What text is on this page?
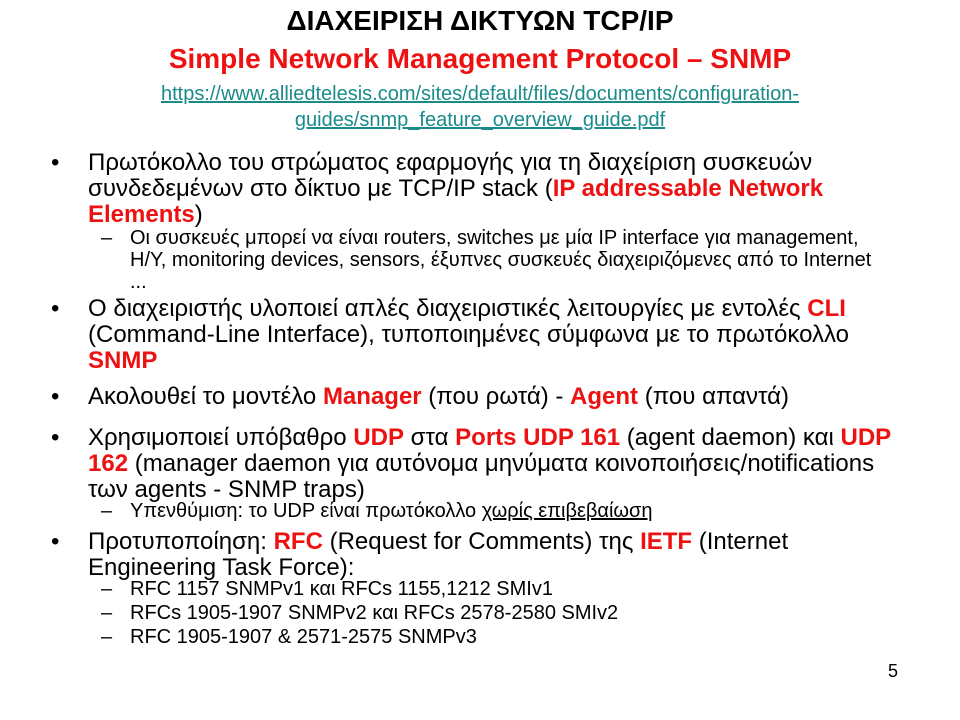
ΔΙΑΧΕΙΡΙΣΗ ΔΙΚΤΥΩΝ TCP/IP
Simple Network Management Protocol – SNMP
https://www.alliedtelesis.com/sites/default/files/documents/configuration-
guides/snmp_feature_overview_guide.pdf
• Πρωτόκολλο του στρώματος εφαρμογής για τη διαχείριση συσκευών συνδεδεμένων στο δίκτυο με TCP/IP stack (IP addressable Network Elements)
– Οι συσκευές μπορεί να είναι routers, switches με μία IP interface για management, H/Y, monitoring devices, sensors, έξυπνες συσκευές διαχειριζόμενες από το Internet ...
• Ο διαχειριστής υλοποιεί απλές διαχειριστικές λειτουργίες με εντολές CLI (Command-Line Interface), τυποποιημένες σύμφωνα με το πρωτόκολλο SNMP
• Ακολουθεί το μοντέλο Manager (που ρωτά) - Agent (που απαντά)
• Χρησιμοποιεί υπόβαθρο UDP στα Ports UDP 161 (agent daemon) και UDP 162 (manager daemon για αυτόνομα μηνύματα κοινοποιήσεις/notifications των agents - SNMP traps)
– Υπενθύμιση: το UDP είναι πρωτόκολλο χωρίς επιβεβαίωση
• Προτυποποίηση: RFC (Request for Comments) της IETF (Internet Engineering Task Force):
– RFC 1157 SNMPv1 και RFCs 1155,1212 SMIv1
– RFCs 1905-1907 SNMPv2 και RFCs 2578-2580 SMIv2
– RFC 1905-1907 & 2571-2575 SNMPv3
5
